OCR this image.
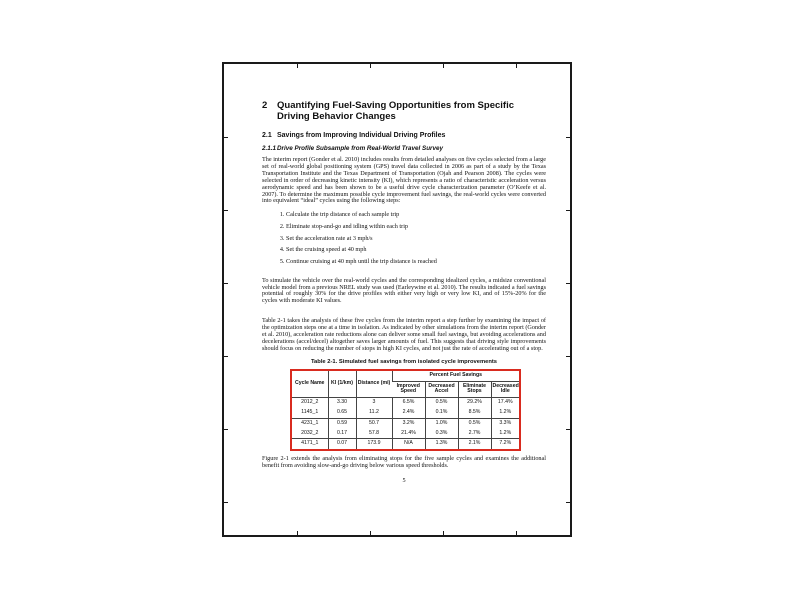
2	Quantifying Fuel-Saving Opportunities from Specific Driving Behavior Changes
2.1 Savings from Improving Individual Driving Profiles
2.1.1 Drive Profile Subsample from Real-World Travel Survey

The interim report (Gonder et al. 2010) includes results from detailed analyses on five cycles selected from a large set of real-world global positioning system (GPS) travel data collected in 2006 as part of a study by the Texas Transportation Institute and the Texas Department of Transportation (Ojah and Pearson 2008). The cycles were selected in order of decreasing kinetic intensity (KI), which represents a ratio of characteristic acceleration versus aerodynamic speed and has been shown to be a useful drive cycle characterization parameter (O’Keefe et al. 2007). To determine the maximum possible cycle improvement fuel savings, the real-world cycles were converted into equivalent “ideal” cycles using the following steps:

1. Calculate the trip distance of each sample trip
2. Eliminate stop-and-go and idling within each trip
3. Set the acceleration rate at 3 mph/s
4. Set the cruising speed at 40 mph
5. Continue cruising at 40 mph until the trip distance is reached

To simulate the vehicle over the real-world cycles and the corresponding idealized cycles, a midsize conventional vehicle model from a previous NREL study was used (Earleywine et al. 2010). The results indicated a fuel savings potential of roughly 30% for the drive profiles with either very high or very low KI, and of 15%-20% for the cycles with moderate KI values.

Table 2-1 takes the analysis of these five cycles from the interim report a step further by examining the impact of the optimization steps one at a time in isolation. As indicated by other simulations from the interim report (Gonder et al. 2010), acceleration rate reductions alone can deliver some small fuel savings, but avoiding accelerations and decelerations (accel/decel) altogether saves larger amounts of fuel. This suggests that driving style improvements should focus on reducing the number of stops in high KI cycles, and not just the rate of accelerating out of a stop.

Table 2-1. Simulated fuel savings from isolated cycle improvements
Cycle Name	KI (1/km)	Distance (mi)	Percent Fuel Savings			
			Improved Speed	Decreased Accel	Eliminate Stops	Decreased Idle
2012_2	3.30	3	6.5%	0.5%	29.2%	17.4%
1145_1	0.65	11.2	2.4%	0.1%	8.5%	1.2%
4231_1	0.59	50.7	3.2%	1.0%	0.5%	3.3%
2032_2	0.17	57.8	21.4%	0.3%	2.7%	1.2%
4171_1	0.07	173.9	N/A	1.3%	2.1%	7.2%

Figure 2-1 extends the analysis from eliminating stops for the five sample cycles and examines the additional benefit from avoiding slow-and-go driving below various speed thresholds.

5
